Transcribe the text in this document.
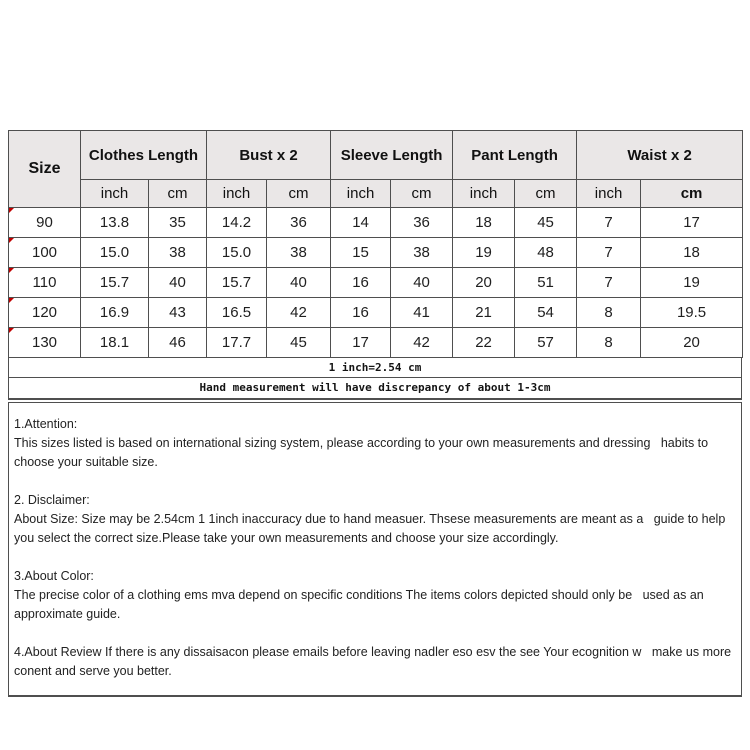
Size	Clothes Length		Bust x 2		Sleeve Length		Pant Length		Waist x 2	
	inch	cm	inch	cm	inch	cm	inch	cm	inch	cm

90	13.8	35	14.2	36	14	36	18	45	7	17

100	15.0	38	15.0	38	15	38	19	48	7	18

110	15.7	40	15.7	40	16	40	20	51	7	19

120	16.9	43	16.5	42	16	41	21	54	8	19.5

130	18.1	46	17.7	45	17	42	22	57	8	20
1 inch=2.54 cm
Hand measurement will have discrepancy of about 1-3cm
1.Attention:
This sizes listed is based on international sizing system, please according to your own measurements and dressing   habits to choose your suitable size.
2. Disclaimer:
About Size: Size may be 2.54cm 1 1inch inaccuracy due to hand measuer. Thsese measurements are meant as a   guide to help you select the correct size.Please take your own measurements and choose your size accordingly.
3.About Color:
The precise color of a clothing ems mva depend on specific conditions The items colors depicted should only be   used as an approximate guide.
4.About Review If there is any dissaisacon please emails before leaving nadler eso esv the see Your ecognition w   make us more conent and serve you better.
